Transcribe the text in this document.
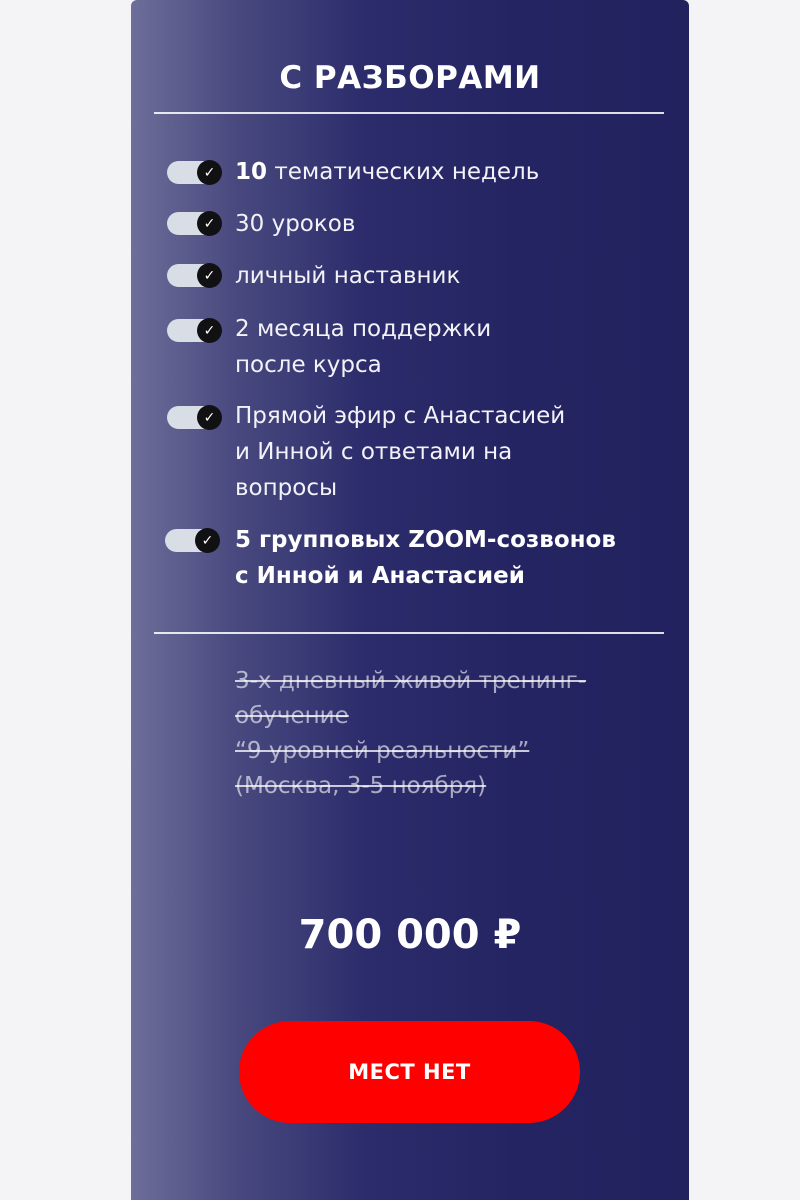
С РАЗБОРАМИ
✓ 10 тематических недель
✓ 30 уроков
✓ личный наставник
✓ 2 месяца поддержки
после курса
✓ Прямой эфир с Анастасией
и Инной с ответами на
вопросы
✓ 5 групповых ZOOM-созвонов
с Инной и Анастасией
3-х дневный живой тренинг-
обучение
“9 уровней реальности”
(Москва, 3-5 ноября)
700 000 ₽
МЕСТ НЕТ
